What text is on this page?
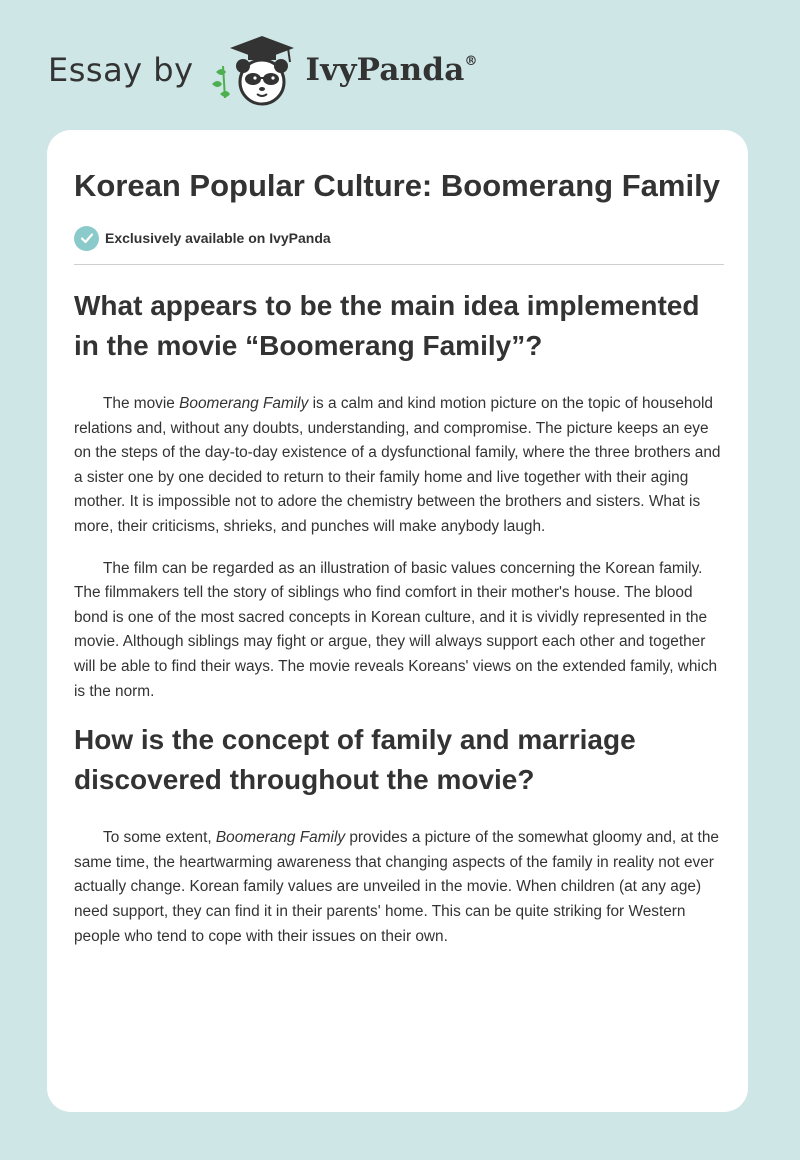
Essay by	IvyPanda®
Korean Popular Culture: Boomerang Family
Exclusively available on IvyPanda
What appears to be the main idea implemented in the movie “Boomerang Family”?

The movie Boomerang Family is a calm and kind motion picture on the topic of household relations and, without any doubts, understanding, and compromise. The picture keeps an eye on the steps of the day-to-day existence of a dysfunctional family, where the three brothers and a sister one by one decided to return to their family home and live together with their aging mother. It is impossible not to adore the chemistry between the brothers and sisters. What is more, their criticisms, shrieks, and punches will make anybody laugh.

The film can be regarded as an illustration of basic values concerning the Korean family. The filmmakers tell the story of siblings who find comfort in their mother's house. The blood bond is one of the most sacred concepts in Korean culture, and it is vividly represented in the movie. Although siblings may fight or argue, they will always support each other and together will be able to find their ways. The movie reveals Koreans' views on the extended family, which is the norm.

How is the concept of family and marriage discovered throughout the movie?

To some extent, Boomerang Family provides a picture of the somewhat gloomy and, at the same time, the heartwarming awareness that changing aspects of the family in reality not ever actually change. Korean family values are unveiled in the movie. When children (at any age) need support, they can find it in their parents' home. This can be quite striking for Western people who tend to cope with their issues on their own.
